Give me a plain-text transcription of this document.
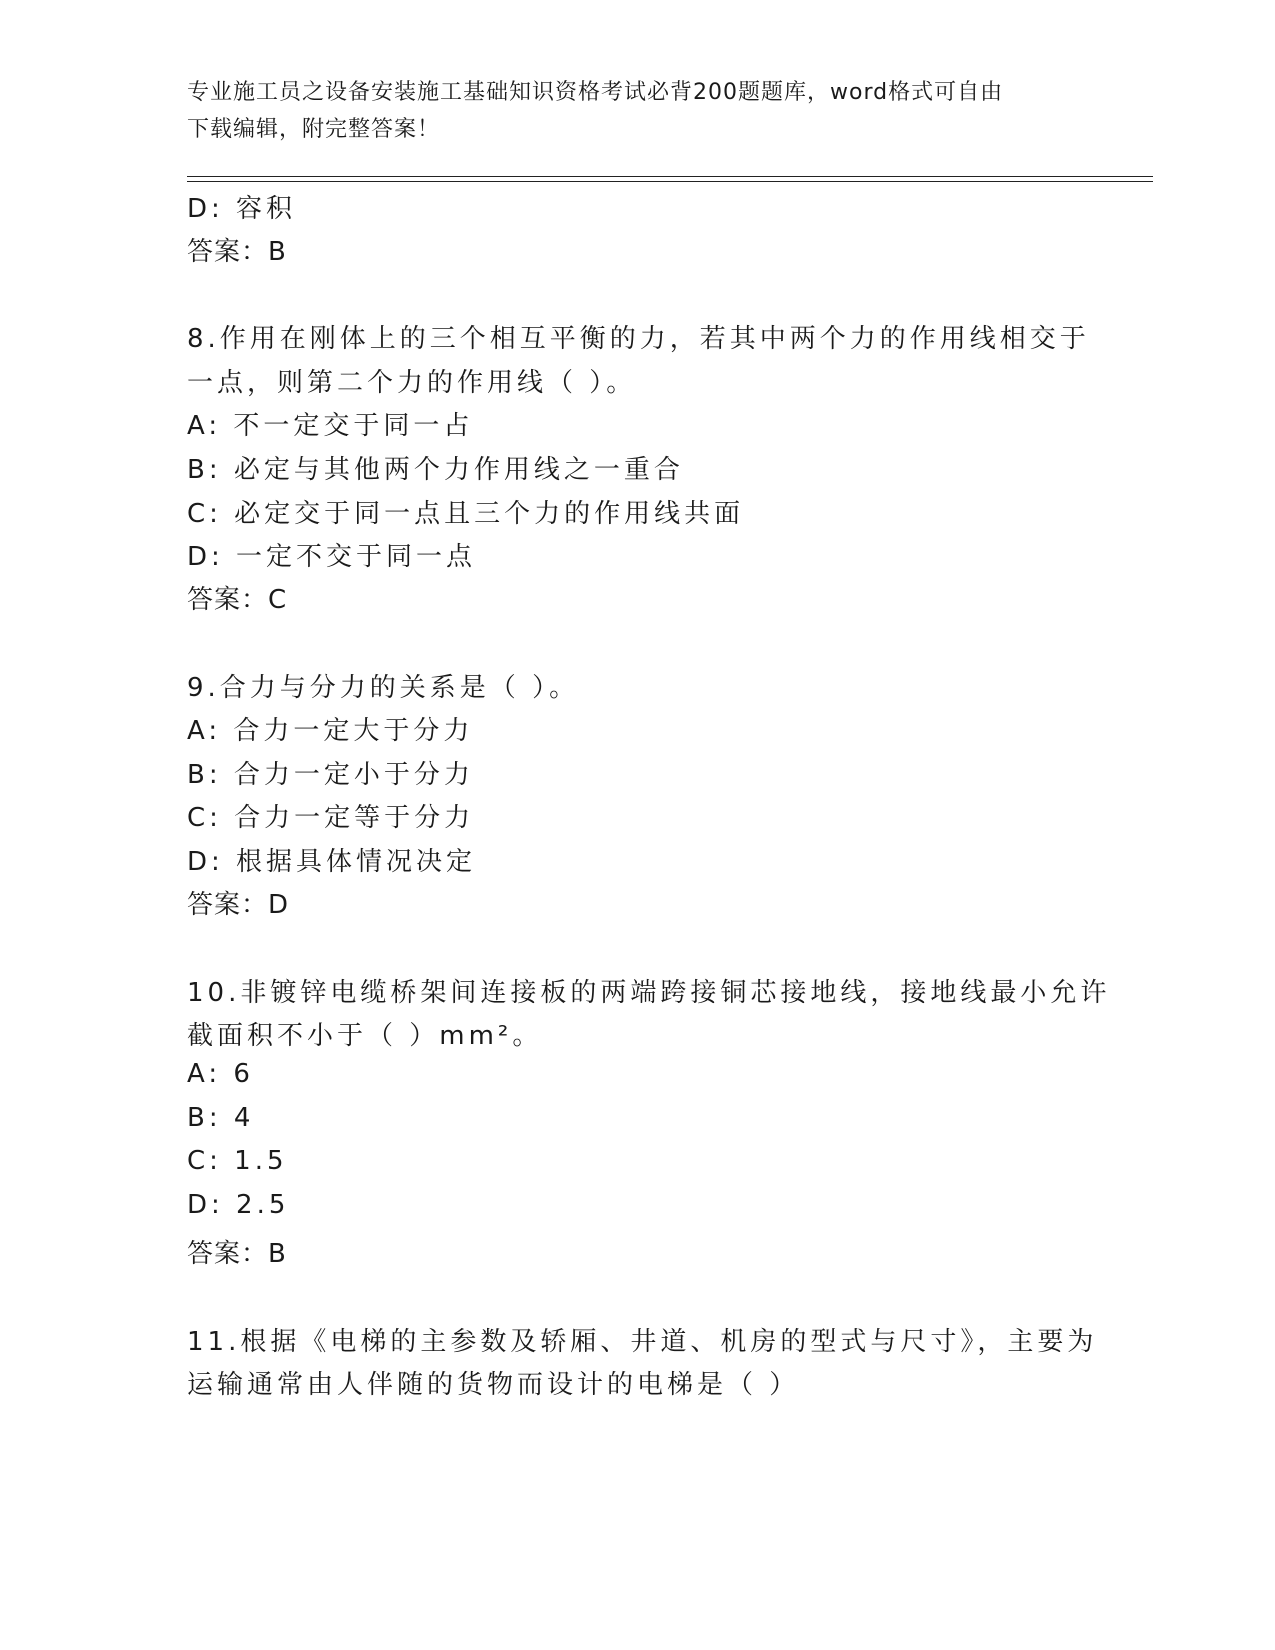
专业施工员之设备安装施工基础知识资格考试必背200题题库，word格式可自由
下载编辑，附完整答案！
D: 容积
答案：B
8.作用在刚体上的三个相互平衡的力，若其中两个力的作用线相交于
一点，则第二个力的作用线（ ）。
A: 不一定交于同一占
B: 必定与其他两个力作用线之一重合
C: 必定交于同一点且三个力的作用线共面
D: 一定不交于同一点
答案：C
9.合力与分力的关系是（ ）。
A: 合力一定大于分力
B: 合力一定小于分力
C: 合力一定等于分力
D: 根据具体情况决定
答案：D
10.非镀锌电缆桥架间连接板的两端跨接铜芯接地线，接地线最小允许
截面积不小于（ ）mm²。
A: 6
B: 4
C: 1.5
D: 2.5
答案：B
11.根据《电梯的主参数及轿厢、井道、机房的型式与尺寸》，主要为
运输通常由人伴随的货物而设计的电梯是（ ）
